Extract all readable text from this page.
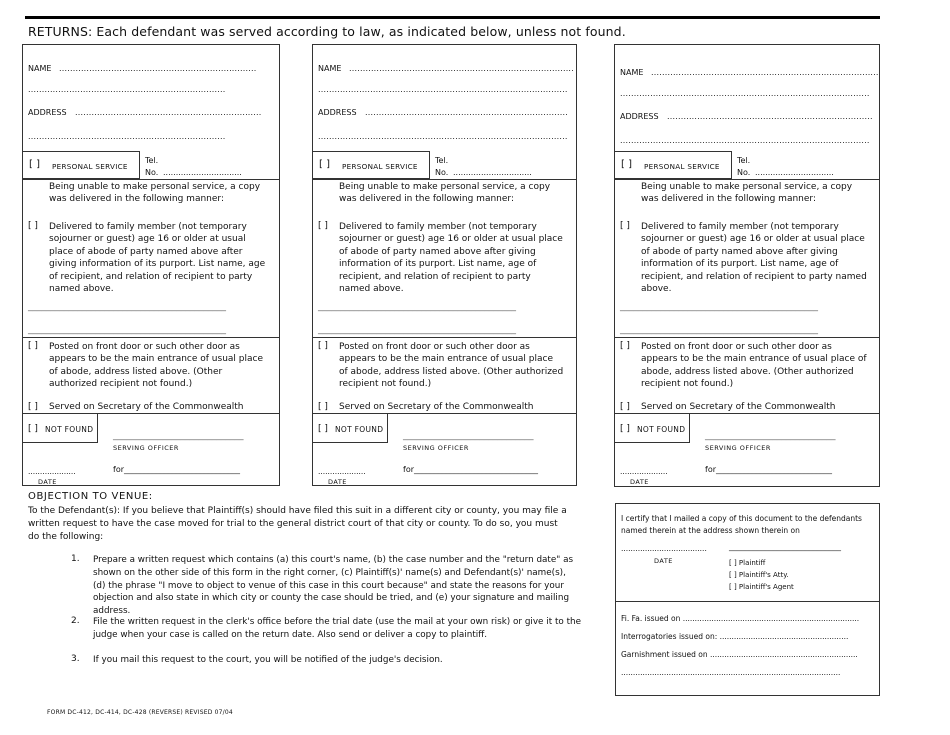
RETURNS: Each defendant was served according to law, as indicated below, unless not found.
NAME ........................................................................
........................................................................
ADDRESS ....................................................................
........................................................................
[ ] PERSONAL SERVICE
Tel.
No. ...............................
Being unable to make personal service, a copy was delivered in the following manner:
[ ] Delivered to family member (not temporary sojourner or guest) age 16 or older at usual place of abode of party named above after giving information of its purport. List name, age of recipient, and relation of recipient to party named above.
____________________________________________
____________________________________________
[ ] Posted on front door or such other door as appears to be the main entrance of usual place of abode, address listed above. (Other authorized recipient not found.)
[ ] Served on Secretary of the Commonwealth
[ ] NOT FOUND
_____________________________
SERVING OFFICER
....................
DATE
for_____________________________
NAME ..................................................................................
...........................................................................................
ADDRESS ..........................................................................
...........................................................................................
[ ] PERSONAL SERVICE
Tel.
No. ...............................
Being unable to make personal service, a copy was delivered in the following manner:
[ ] Delivered to family member (not temporary sojourner or guest) age 16 or older at usual place of abode of party named above after giving information of its purport. List name, age of recipient, and relation of recipient to party named above.
____________________________________________
____________________________________________
[ ] Posted on front door or such other door as appears to be the main entrance of usual place of abode, address listed above. (Other authorized recipient not found.)
[ ] Served on Secretary of the Commonwealth
[ ] NOT FOUND
_____________________________
SERVING OFFICER
....................
DATE
for_______________________________
NAME ...................................................................................
...........................................................................................
ADDRESS ...........................................................................
...........................................................................................
[ ] PERSONAL SERVICE
Tel.
No. ...............................
Being unable to make personal service, a copy was delivered in the following manner:
[ ] Delivered to family member (not temporary sojourner or guest) age 16 or older at usual place of abode of party named above after giving information of its purport. List name, age of recipient, and relation of recipient to party named above.
____________________________________________
____________________________________________
[ ] Posted on front door or such other door as appears to be the main entrance of usual place of abode, address listed above. (Other authorized recipient not found.)
[ ] Served on Secretary of the Commonwealth
[ ] NOT FOUND
_____________________________
SERVING OFFICER
....................
DATE
for_____________________________
OBJECTION TO VENUE:
To the Defendant(s): If you believe that Plaintiff(s) should have filed this suit in a different city or county, you may file a written request to have the case moved for trial to the general district court of that city or county. To do so, you must do the following:
1. Prepare a written request which contains (a) this court's name, (b) the case number and the "return date" as shown on the other side of this form in the right corner, (c) Plaintiff(s)' name(s) and Defendant(s)' name(s), (d) the phrase "I move to object to venue of this case in this court because" and state the reasons for your objection and also state in which city or county the case should be tried, and (e) your signature and mailing address.
2. File the written request in the clerk's office before the trial date (use the mail at your own risk) or give it to the judge when your case is called on the return date. Also send or deliver a copy to plaintiff.
3. If you mail this request to the court, you will be notified of the judge's decision.
FORM DC-412, DC-414, DC-428 (REVERSE) REVISED 07/04
I certify that I mailed a copy of this document to the defendants named therein at the address shown therein on
....................................
DATE
____________________________
[ ] Plaintiff
[ ] Plaintiff's Atty.
[ ] Plaintiff's Agent
Fi. Fa. issued on ..........................................................................
Interrogatories issued on: ......................................................
Garnishment issued on ..............................................................
............................................................................................
